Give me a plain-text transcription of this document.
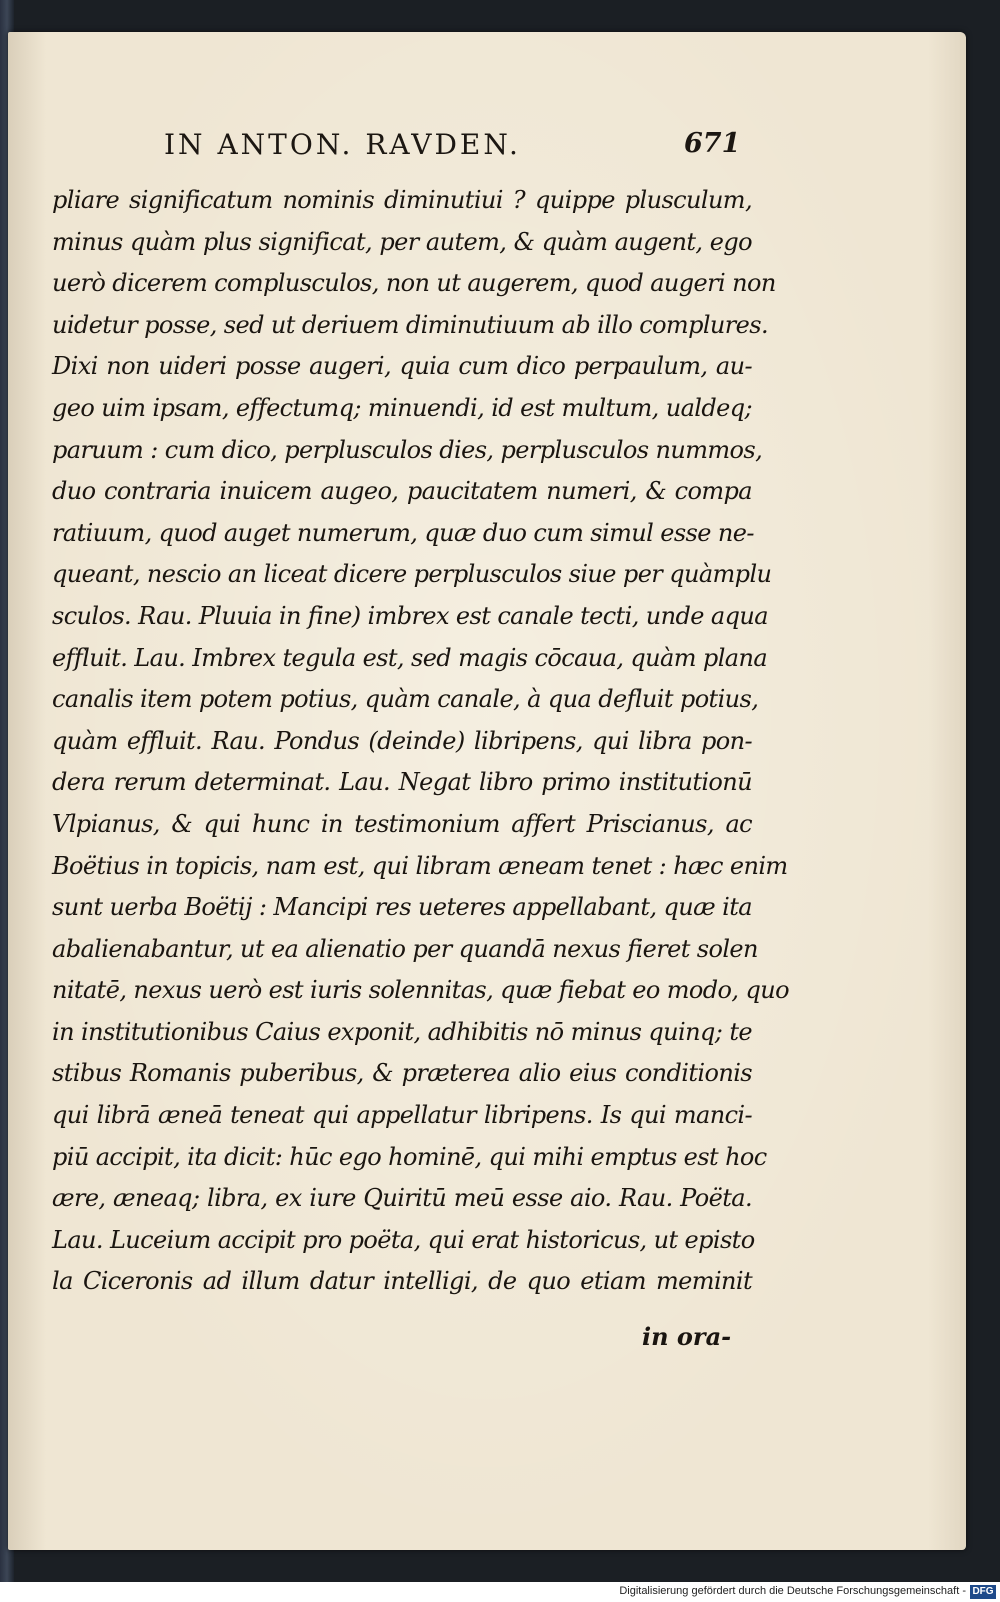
IN ANTON. RAVDEN.	671
pliare significatum nominis diminutiui ? quippe plusculum,
minus quàm plus significat, per autem, & quàm augent, ego
uerò dicerem complusculos, non ut augerem, quod augeri non
uidetur posse, sed ut deriuem diminutiuum ab illo complures.
Dixi non uideri posse augeri, quia cum dico perpaulum, au-
geo uim ipsam, effectumq; minuendi, id est multum, ualdeq;
paruum : cum dico, perplusculos dies, perplusculos nummos,
duo contraria inuicem augeo, paucitatem numeri, & compa
ratiuum, quod auget numerum, quæ duo cum simul esse ne-
queant, nescio an liceat dicere perplusculos siue per quàmplu
sculos. Rau. Pluuia in fine) imbrex est canale tecti, unde aqua
effluit. Lau. Imbrex tegula est, sed magis cōcaua, quàm plana
canalis item potem potius, quàm canale, à qua defluit potius,
quàm effluit. Rau. Pondus (deinde) libripens, qui libra pon-
dera rerum determinat. Lau. Negat libro primo institutionū
Vlpianus, & qui hunc in testimonium affert Priscianus, ac
Boëtius in topicis, nam est, qui libram æneam tenet : hæc enim
sunt uerba Boëtij : Mancipi res ueteres appellabant, quæ ita
abalienabantur, ut ea alienatio per quandā nexus fieret solen
nitatē, nexus uerò est iuris solennitas, quæ fiebat eo modo, quo
in institutionibus Caius exponit, adhibitis nō minus quinq; te
stibus Romanis puberibus, & præterea alio eius conditionis
qui librā æneā teneat qui appellatur libripens. Is qui manci-
piū accipit, ita dicit: hūc ego hominē, qui mihi emptus est hoc
ære, æneaq; libra, ex iure Quiritū meū esse aio. Rau. Poëta.
Lau. Luceium accipit pro poëta, qui erat historicus, ut episto
la Ciceronis ad illum datur intelligi, de quo etiam meminit
in ora-
Digitalisierung gefördert durch die Deutsche Forschungsgemeinschaft - DFG
